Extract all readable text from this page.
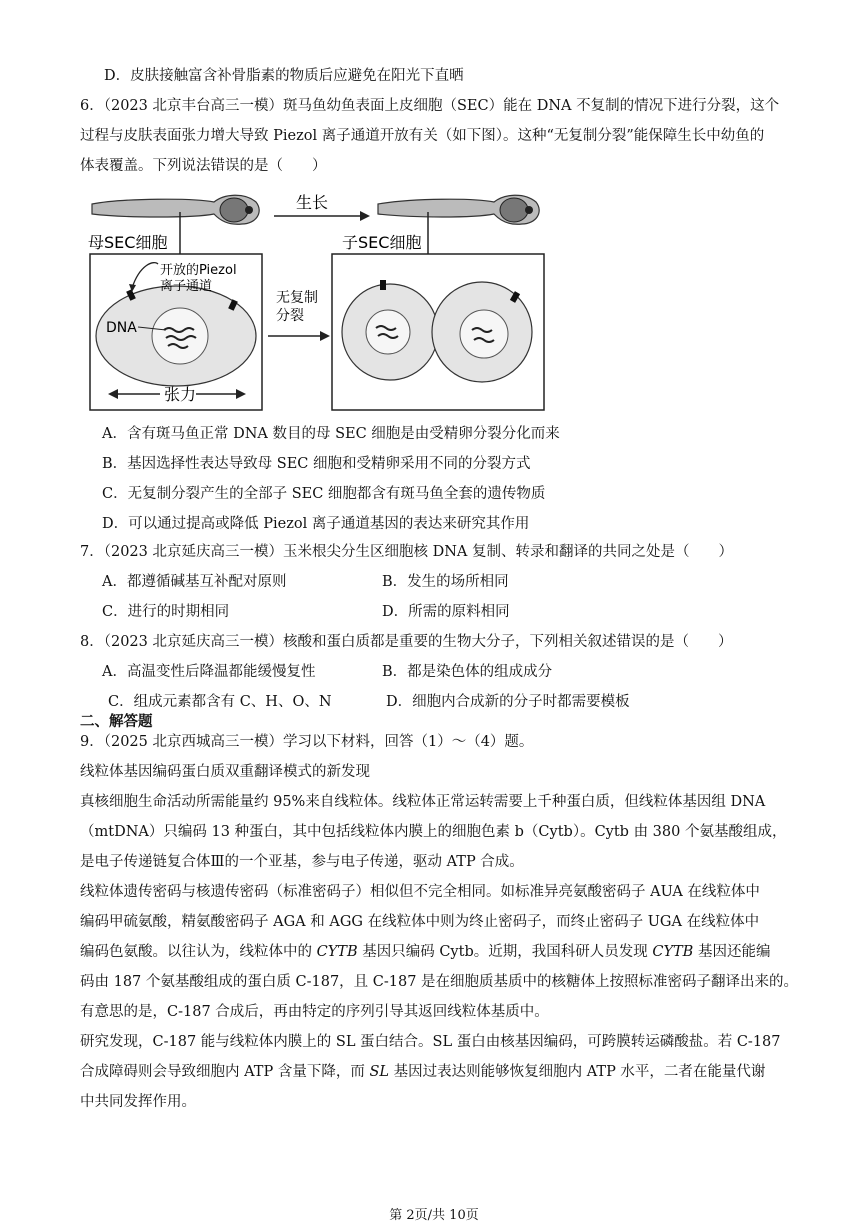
D．皮肤接触富含补骨脂素的物质后应避免在阳光下直晒
6．（2023 北京丰台高三一模）斑马鱼幼鱼表面上皮细胞（SEC）能在 DNA 不复制的情况下进行分裂，这个
过程与皮肤表面张力增大导致 Piezol 离子通道开放有关（如下图）。这种“无复制分裂”能保障生长中幼鱼的
体表覆盖。下列说法错误的是（　　）
生长
母SEC细胞	子SEC细胞
开放的Piezol
离子通道
DNA
张力
无复制
分裂
A．含有斑马鱼正常 DNA 数目的母 SEC 细胞是由受精卵分裂分化而来
B．基因选择性表达导致母 SEC 细胞和受精卵采用不同的分裂方式
C．无复制分裂产生的全部子 SEC 细胞都含有斑马鱼全套的遗传物质
D．可以通过提高或降低 Piezol 离子通道基因的表达来研究其作用
7．（2023 北京延庆高三一模）玉米根尖分生区细胞核 DNA 复制、转录和翻译的共同之处是（　　）
A．都遵循碱基互补配对原则	B．发生的场所相同
C．进行的时期相同	D．所需的原料相同
8．（2023 北京延庆高三一模）核酸和蛋白质都是重要的生物大分子，下列相关叙述错误的是（　　）
A．高温变性后降温都能缓慢复性	B．都是染色体的组成成分
C．组成元素都含有 C、H、O、N	D．细胞内合成新的分子时都需要模板
二、解答题
9．（2025 北京西城高三一模）学习以下材料，回答（1）～（4）题。
线粒体基因编码蛋白质双重翻译模式的新发现
真核细胞生命活动所需能量约 95%来自线粒体。线粒体正常运转需要上千种蛋白质，但线粒体基因组 DNA
（mtDNA）只编码 13 种蛋白，其中包括线粒体内膜上的细胞色素 b（Cytb）。Cytb 由 380 个氨基酸组成，
是电子传递链复合体Ⅲ的一个亚基，参与电子传递，驱动 ATP 合成。
线粒体遗传密码与核遗传密码（标准密码子）相似但不完全相同。如标准异亮氨酸密码子 AUA 在线粒体中
编码甲硫氨酸，精氨酸密码子 AGA 和 AGG 在线粒体中则为终止密码子，而终止密码子 UGA 在线粒体中
编码色氨酸。以往认为，线粒体中的 CYTB 基因只编码 Cytb。近期，我国科研人员发现 CYTB 基因还能编
码由 187 个氨基酸组成的蛋白质 C-187，且 C-187 是在细胞质基质中的核糖体上按照标准密码子翻译出来的。
有意思的是，C-187 合成后，再由特定的序列引导其返回线粒体基质中。
研究发现，C-187 能与线粒体内膜上的 SL 蛋白结合。SL 蛋白由核基因编码，可跨膜转运磷酸盐。若 C-187
合成障碍则会导致细胞内 ATP 含量下降，而 SL 基因过表达则能够恢复细胞内 ATP 水平，二者在能量代谢
中共同发挥作用。
第 2页/共 10页
